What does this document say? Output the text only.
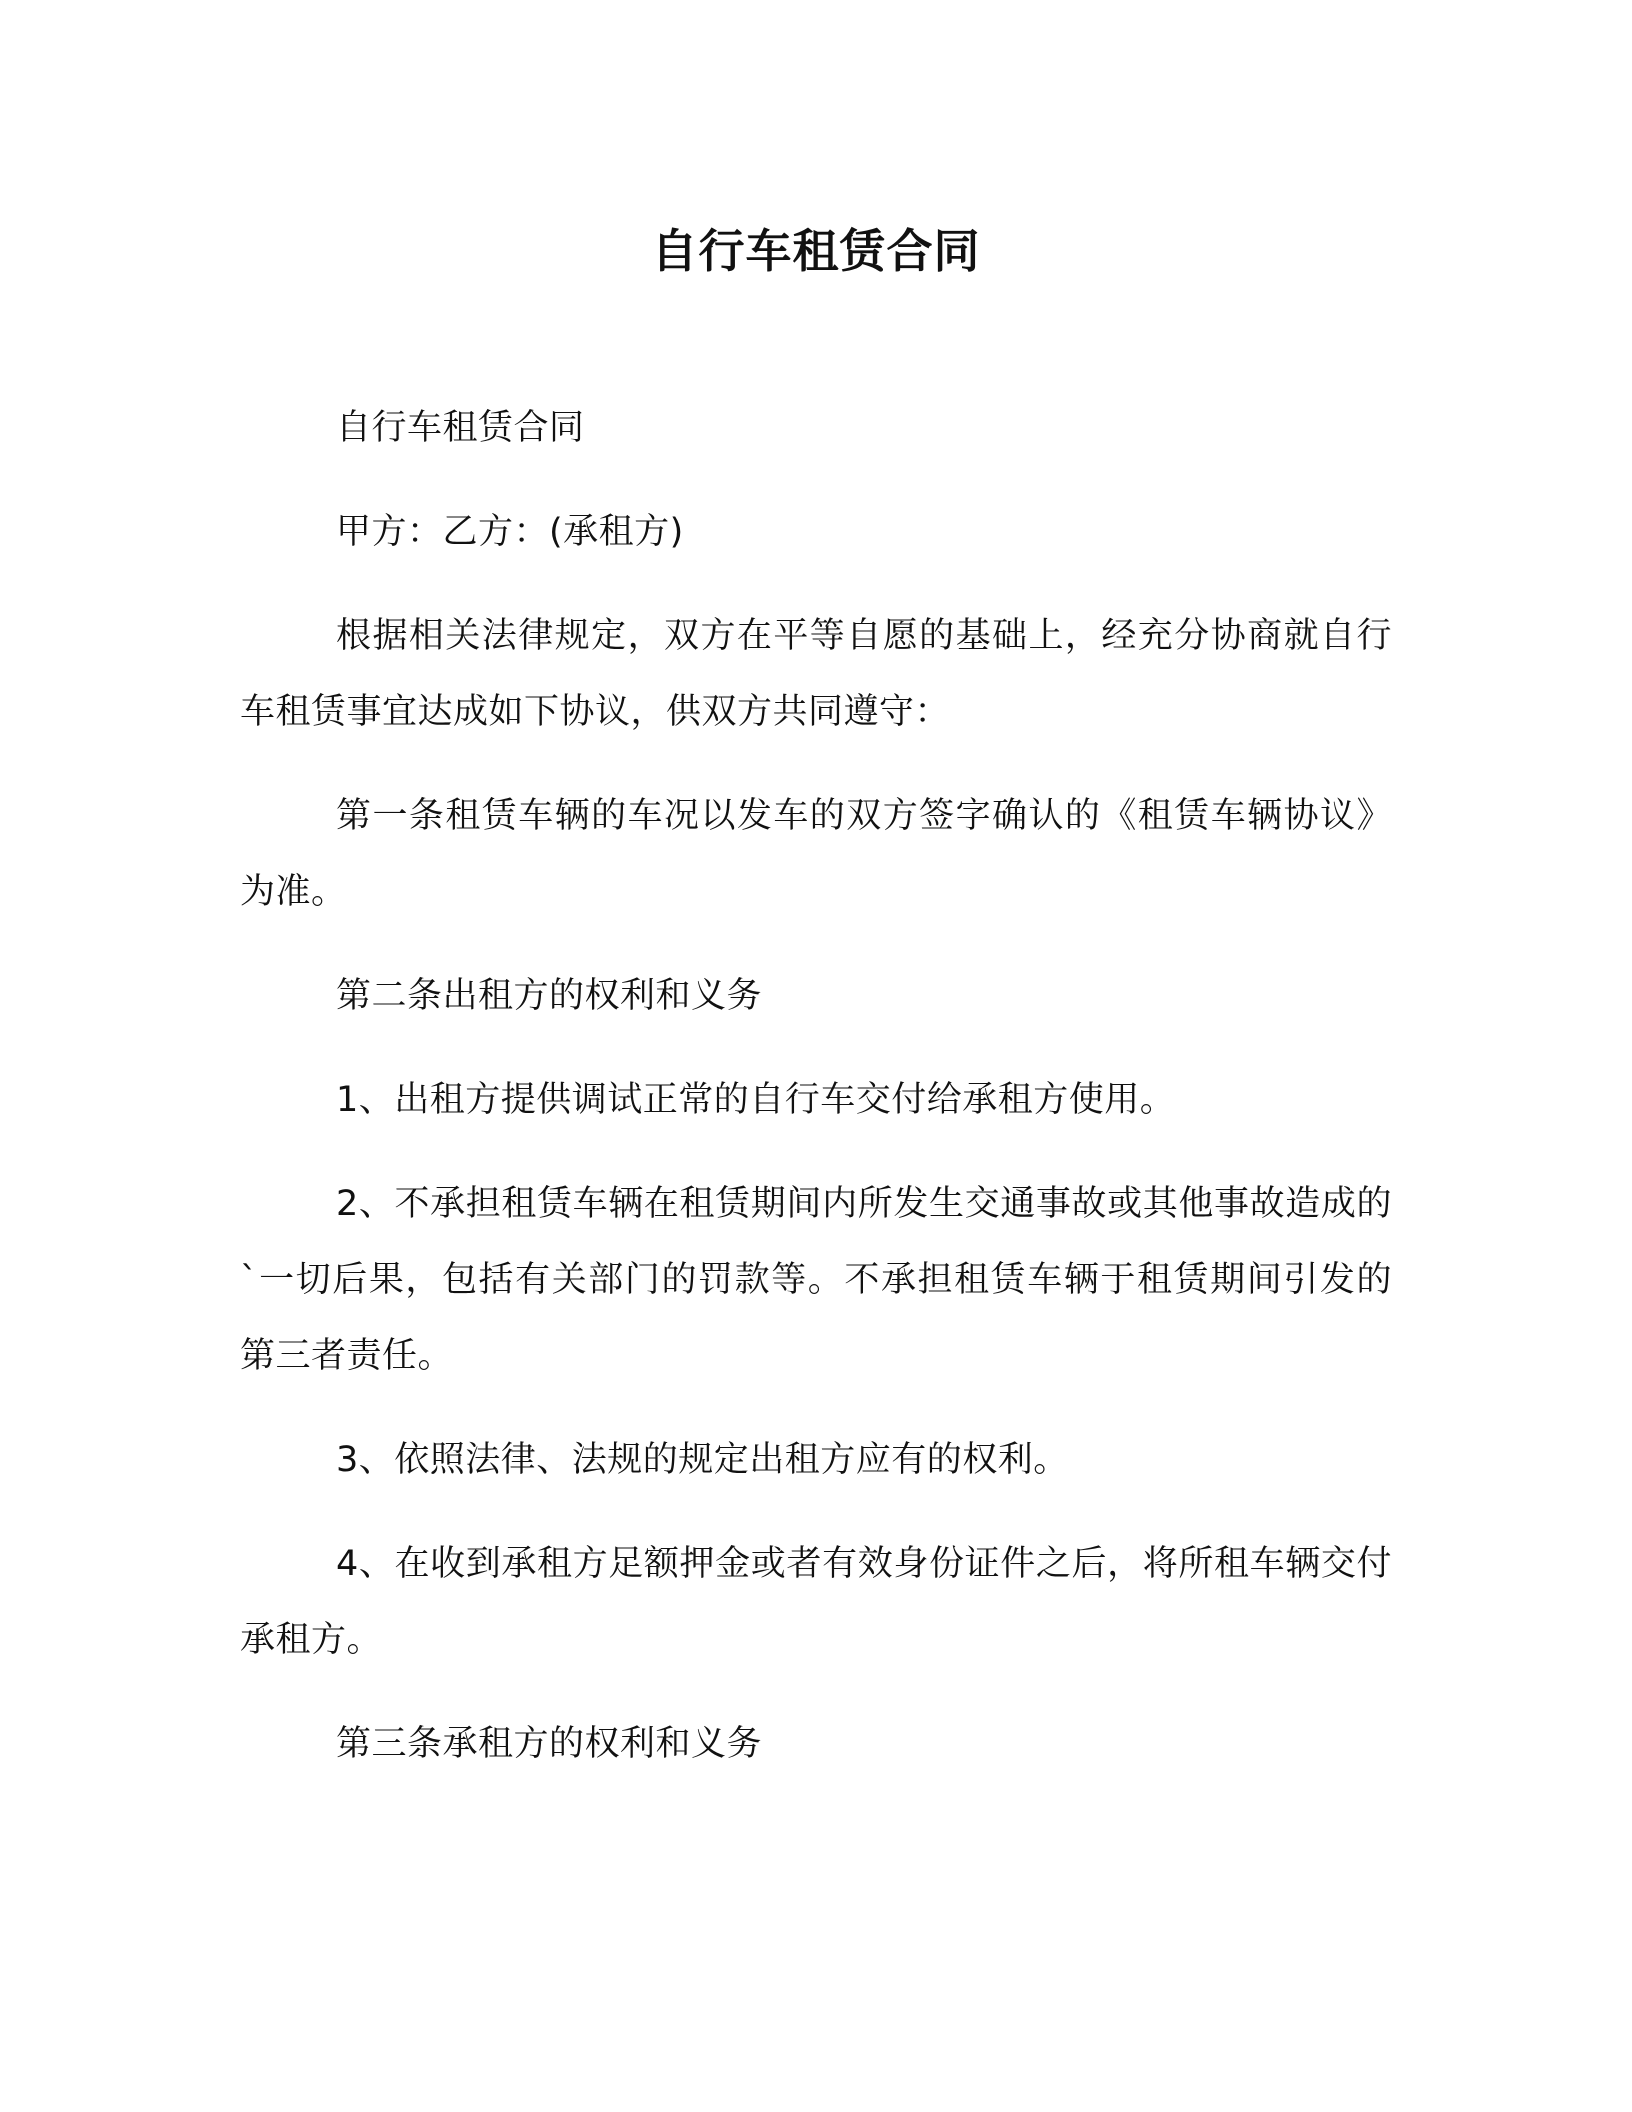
自行车租赁合同

自行车租赁合同

甲方：乙方：(承租方)

根据相关法律规定，双方在平等自愿的基础上，经充分协商就自行车租赁事宜达成如下协议，供双方共同遵守：

第一条租赁车辆的车况以发车的双方签字确认的《租赁车辆协议》为准。

第二条出租方的权利和义务

1、出租方提供调试正常的自行车交付给承租方使用。

2、不承担租赁车辆在租赁期间内所发生交通事故或其他事故造成的`一切后果，包括有关部门的罚款等。不承担租赁车辆于租赁期间引发的第三者责任。

3、依照法律、法规的规定出租方应有的权利。

4、在收到承租方足额押金或者有效身份证件之后，将所租车辆交付承租方。

第三条承租方的权利和义务
